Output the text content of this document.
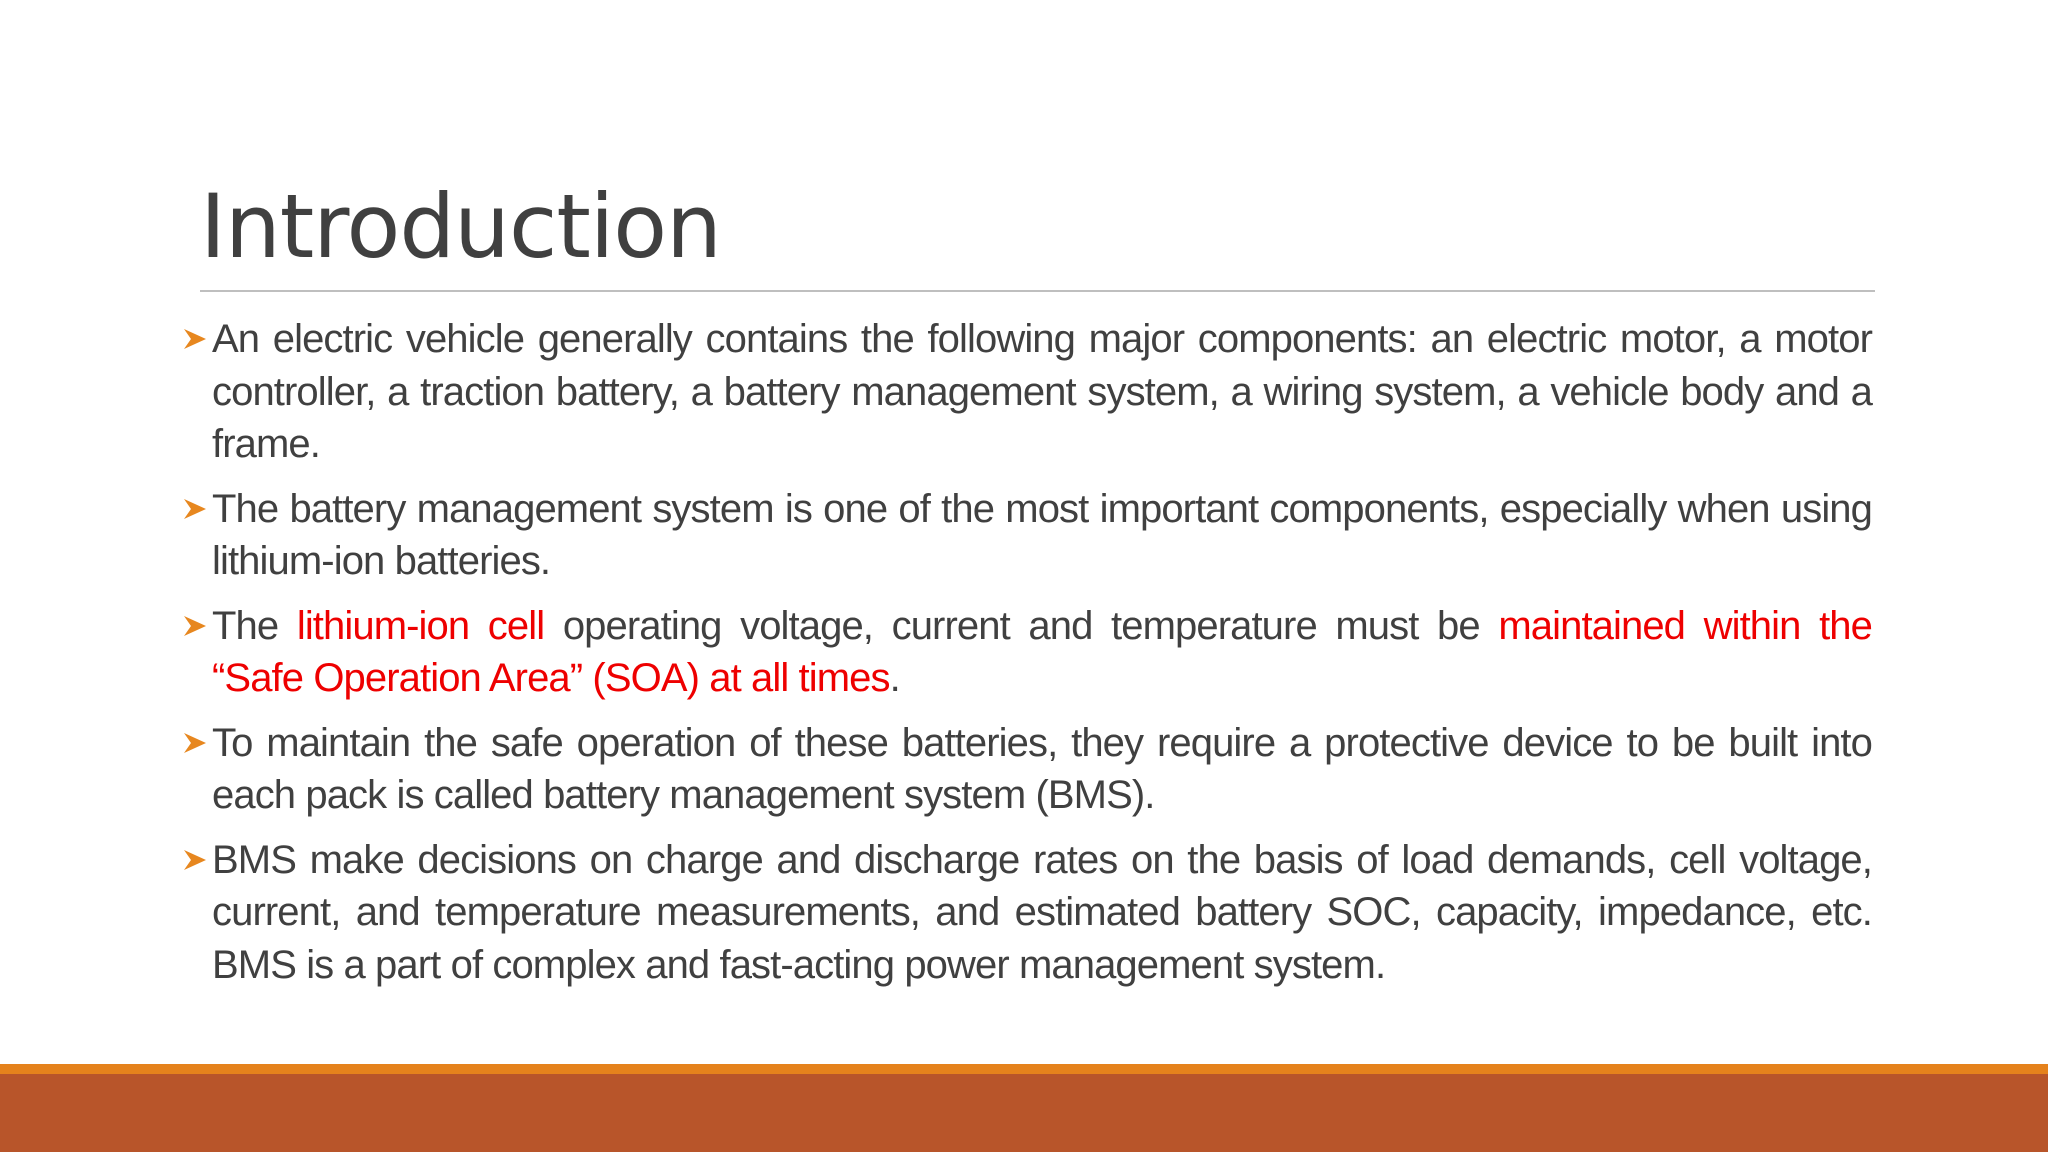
Introduction
An electric vehicle generally contains the following major components: an electric motor, a motor controller, a traction battery, a battery management system, a wiring system, a vehicle body and a frame.
The battery management system is one of the most important components, especially when using lithium-ion batteries.
The lithium-ion cell operating voltage, current and temperature must be maintained within the “Safe Operation Area” (SOA) at all times.
To maintain the safe operation of these batteries, they require a protective device to be built into each pack is called battery management system (BMS).
BMS make decisions on charge and discharge rates on the basis of load demands, cell voltage, current, and temperature measurements, and estimated battery SOC, capacity, impedance, etc. BMS is a part of complex and fast-acting power management system.
